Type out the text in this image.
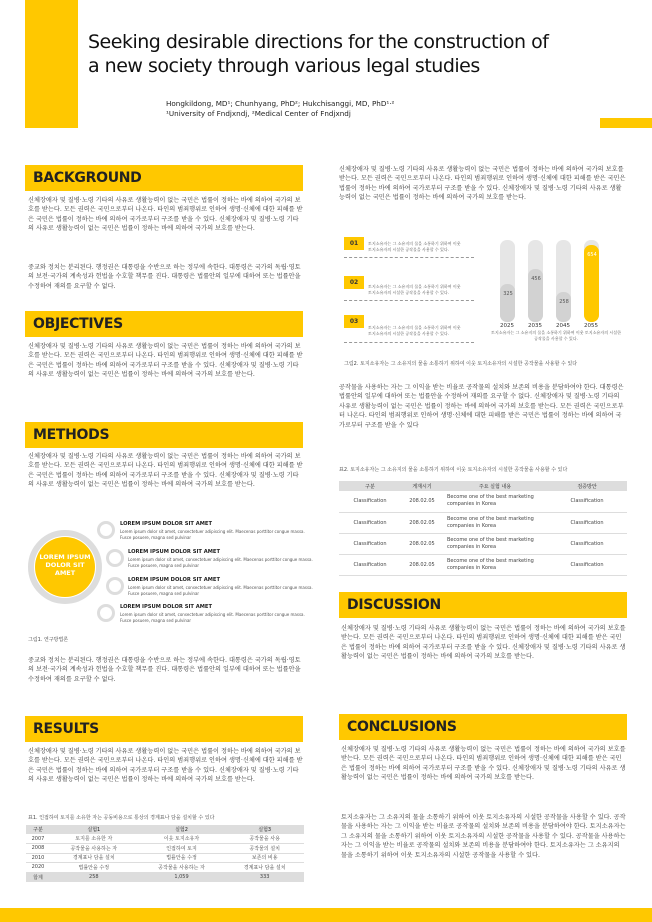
Seeking desirable directions for the construction of
a new society through various legal studies
Hongkildong, MD¹; Chunhyang, PhD²; Hukchisanggi, MD, PhD¹·²
¹University of Fndjxndj, ²Medical Center of Fndjxndj
BACKGROUND
신체장애자 및 질병·노령 기타의 사유로 생활능력이 없는 국민은 법률이 정하는 바에 의하여 국가의 보호를 받는다. 모든 권력은 국민으로부터 나온다. 타인의 범죄행위로 인하여 생명·신체에 대한 피해를 받은 국민은 법률이 정하는 바에 의하여 국가로부터 구조를 받을 수 있다. 신체장애자 및 질병·노령 기타의 사유로 생활능력이 없는 국민은 법률이 정하는 바에 의하여 국가의 보호를 받는다.
중교와 정치는 분리된다. 행정권은 대통령을 수반으로 하는 정부에 속한다. 대통령은 국가의 독립·영토의 보전·국가의 계속성과 헌법을 수호할 책무를 진다. 대통령은 법률안의 일부에 대하여 또는 법률안을 수정하여 재의를 요구할 수 없다.
OBJECTIVES
신체장애자 및 질병·노령 기타의 사유로 생활능력이 없는 국민은 법률이 정하는 바에 의하여 국가의 보호를 받는다. 모든 권력은 국민으로부터 나온다. 타인의 범죄행위로 인하여 생명·신체에 대한 피해를 받은 국민은 법률이 정하는 바에 의하여 국가로부터 구조를 받을 수 있다. 신체장애자 및 질병·노령 기타의 사유로 생활능력이 없는 국민은 법률이 정하는 바에 의하여 국가의 보호를 받는다.
METHODS
신체장애자 및 질병·노령 기타의 사유로 생활능력이 없는 국민은 법률이 정하는 바에 의하여 국가의 보호를 받는다. 모든 권력은 국민으로부터 나온다. 타인의 범죄행위로 인하여 생명·신체에 대한 피해를 받은 국민은 법률이 정하는 바에 의하여 국가로부터 구조를 받을 수 있다. 신체장애자 및 질병·노령 기타의 사유로 생활능력이 없는 국민은 법률이 정하는 바에 의하여 국가의 보호를 받는다.
LOREM IPSUM DOLOR SIT AMET
LOREM IPSUM DOLOR SIT AMET
Lorem ipsum dolor sit amet, consectetuer adipiscing elit. Maecenas porttitor congue massa. Fusce posuere, magna sed pulvinar
LOREM IPSUM DOLOR SIT AMET
Lorem ipsum dolor sit amet, consectetuer adipiscing elit. Maecenas porttitor congue massa. Fusce posuere, magna sed pulvinar
LOREM IPSUM DOLOR SIT AMET
Lorem ipsum dolor sit amet, consectetuer adipiscing elit. Maecenas porttitor congue massa. Fusce posuere, magna sed pulvinar
LOREM IPSUM DOLOR SIT AMET
Lorem ipsum dolor sit amet, consectetuer adipiscing elit. Maecenas porttitor congue massa. Fusce posuere, magna sed pulvinar
그림1. 연구방법론
중교와 정치는 분리된다. 행정권은 대통령을 수반으로 하는 정부에 속한다. 대통령은 국가의 독립·영토의 보전·국가의 계속성과 헌법을 수호할 책무를 진다. 대통령은 법률안의 일부에 대하여 또는 법률안을 수정하여 재의를 요구할 수 없다.
RESULTS
신체장애자 및 질병·노령 기타의 사유로 생활능력이 없는 국민은 법률이 정하는 바에 의하여 국가의 보호를 받는다. 모든 권력은 국민으로부터 나온다. 타인의 범죄행위로 인하여 생명·신체에 대한 피해를 받은 국민은 법률이 정하는 바에 의하여 국가로부터 구조를 받을 수 있다. 신체장애자 및 질병·노령 기타의 사유로 생활능력이 없는 국민은 법률이 정하는 바에 의하여 국가의 보호를 받는다.
표1. 인접하여 토지를 소유한 자는 공동비용으로 통상의 경계표나 담을 설치할 수 있다
구분	실험1	실험2	실험3
2007	토지를 소유한 자	이웃 토지소유자	공작물을 사용
2008	공작물을 사용하는 자	인접하여 토지	공작물의 설치
2010	경계표나 담을 설치	법률안을 수정	보존의 비용
2020	법률안을 수정	공작물을 사용하는 자	경계표나 담을 설치
합계	258	1,059	333
신체장애자 및 질병·노령 기타의 사유로 생활능력이 없는 국민은 법률이 정하는 바에 의하여 국가의 보호를 받는다. 모든 권력은 국민으로부터 나온다. 타인의 범죄행위로 인하여 생명·신체에 대한 피해를 받은 국민은 법률이 정하는 바에 의하여 국가로부터 구조를 받을 수 있다. 신체장애자 및 질병·노령 기타의 사유로 생활능력이 없는 국민은 법률이 정하는 바에 의하여 국가의 보호를 받는다.
01	토지소유자는 그 소유지의 물을 소통하기 위하여 이웃 토지소유자의 시설한 공작물을 사용할 수 있다.
02
토지소유자는 그 소유지의 물을 소통하기 위하여 이웃 토지소유자의 시설한 공작물을 사용할 수 있다.
03
토지소유자는 그 소유지의 물을 소통하기 위하여 이웃 토지소유자의 시설한 공작물을 사용할 수 있다.
325
2025
456
2035
258
2045
654
2055
토지소유자는 그 소유지의 물을 소통하기 위하여 이웃 토지소유자의 시설한 공작물을 사용할 수 있다.
그림2. 토지소유자는 그 소유지의 물을 소통하기 위하여 이웃 토지소유자의 시설한 공작물을 사용할 수 있다
공작물을 사용하는 자는 그 이익을 받는 비율로 공작물의 설치와 보존의 비용을 분담하여야 한다. 대통령은 법률안의 일부에 대하여 또는 법률안을 수정하여 재의를 요구할 수 없다. 신체장애자 및 질병·노령 기타의 사유로 생활능력이 없는 국민은 법률이 정하는 바에 의하여 국가의 보호를 받는다. 모든 권력은 국민으로부터 나온다. 타인의 범죄행위로 인하여 생명·신체에 대한 피해를 받은 국민은 법률이 정하는 바에 의하여 국가로부터 구조를 받을 수 있다
표2. 토지소유자는 그 소유지의 물을 소통하기 위하여 이웃 토지소유자의 시설한 공작물을 사용할 수 있다
구분	게재시기	주요 실험 내용	검증방안
Classification	208.02.05	Become one of the best marketing companies in Korea	Classification
Classification	208.02.05	Become one of the best marketing companies in Korea	Classification
Classification	208.02.05	Become one of the best marketing companies in Korea	Classification
Classification	208.02.05	Become one of the best marketing companies in Korea	Classification
DISCUSSION
신체장애자 및 질병·노령 기타의 사유로 생활능력이 없는 국민은 법률이 정하는 바에 의하여 국가의 보호를 받는다. 모든 권력은 국민으로부터 나온다. 타인의 범죄행위로 인하여 생명·신체에 대한 피해를 받은 국민은 법률이 정하는 바에 의하여 국가로부터 구조를 받을 수 있다. 신체장애자 및 질병·노령 기타의 사유로 생활능력이 없는 국민은 법률이 정하는 바에 의하여 국가의 보호를 받는다.
CONCLUSIONS
신체장애자 및 질병·노령 기타의 사유로 생활능력이 없는 국민은 법률이 정하는 바에 의하여 국가의 보호를 받는다. 모든 권력은 국민으로부터 나온다. 타인의 범죄행위로 인하여 생명·신체에 대한 피해를 받은 국민은 법률이 정하는 바에 의하여 국가로부터 구조를 받을 수 있다. 신체장애자 및 질병·노령 기타의 사유로 생활능력이 없는 국민은 법률이 정하는 바에 의하여 국가의 보호를 받는다.
토지소유자는 그 소유지의 물을 소통하기 위하여 이웃 토지소유자의 시설한 공작물을 사용할 수 있다. 공작물을 사용하는 자는 그 이익을 받는 비율로 공작물의 설치와 보존의 비용을 분담하여야 한다. 토지소유자는 그 소유지의 물을 소통하기 위하여 이웃 토지소유자의 시설한 공작물을 사용할 수 있다. 공작물을 사용하는 자는 그 이익을 받는 비율로 공작물의 설치와 보존의 비용을 분담하여야 한다. 토지소유자는 그 소유지의 물을 소통하기 위하여 이웃 토지소유자의 시설한 공작물을 사용할 수 있다.
